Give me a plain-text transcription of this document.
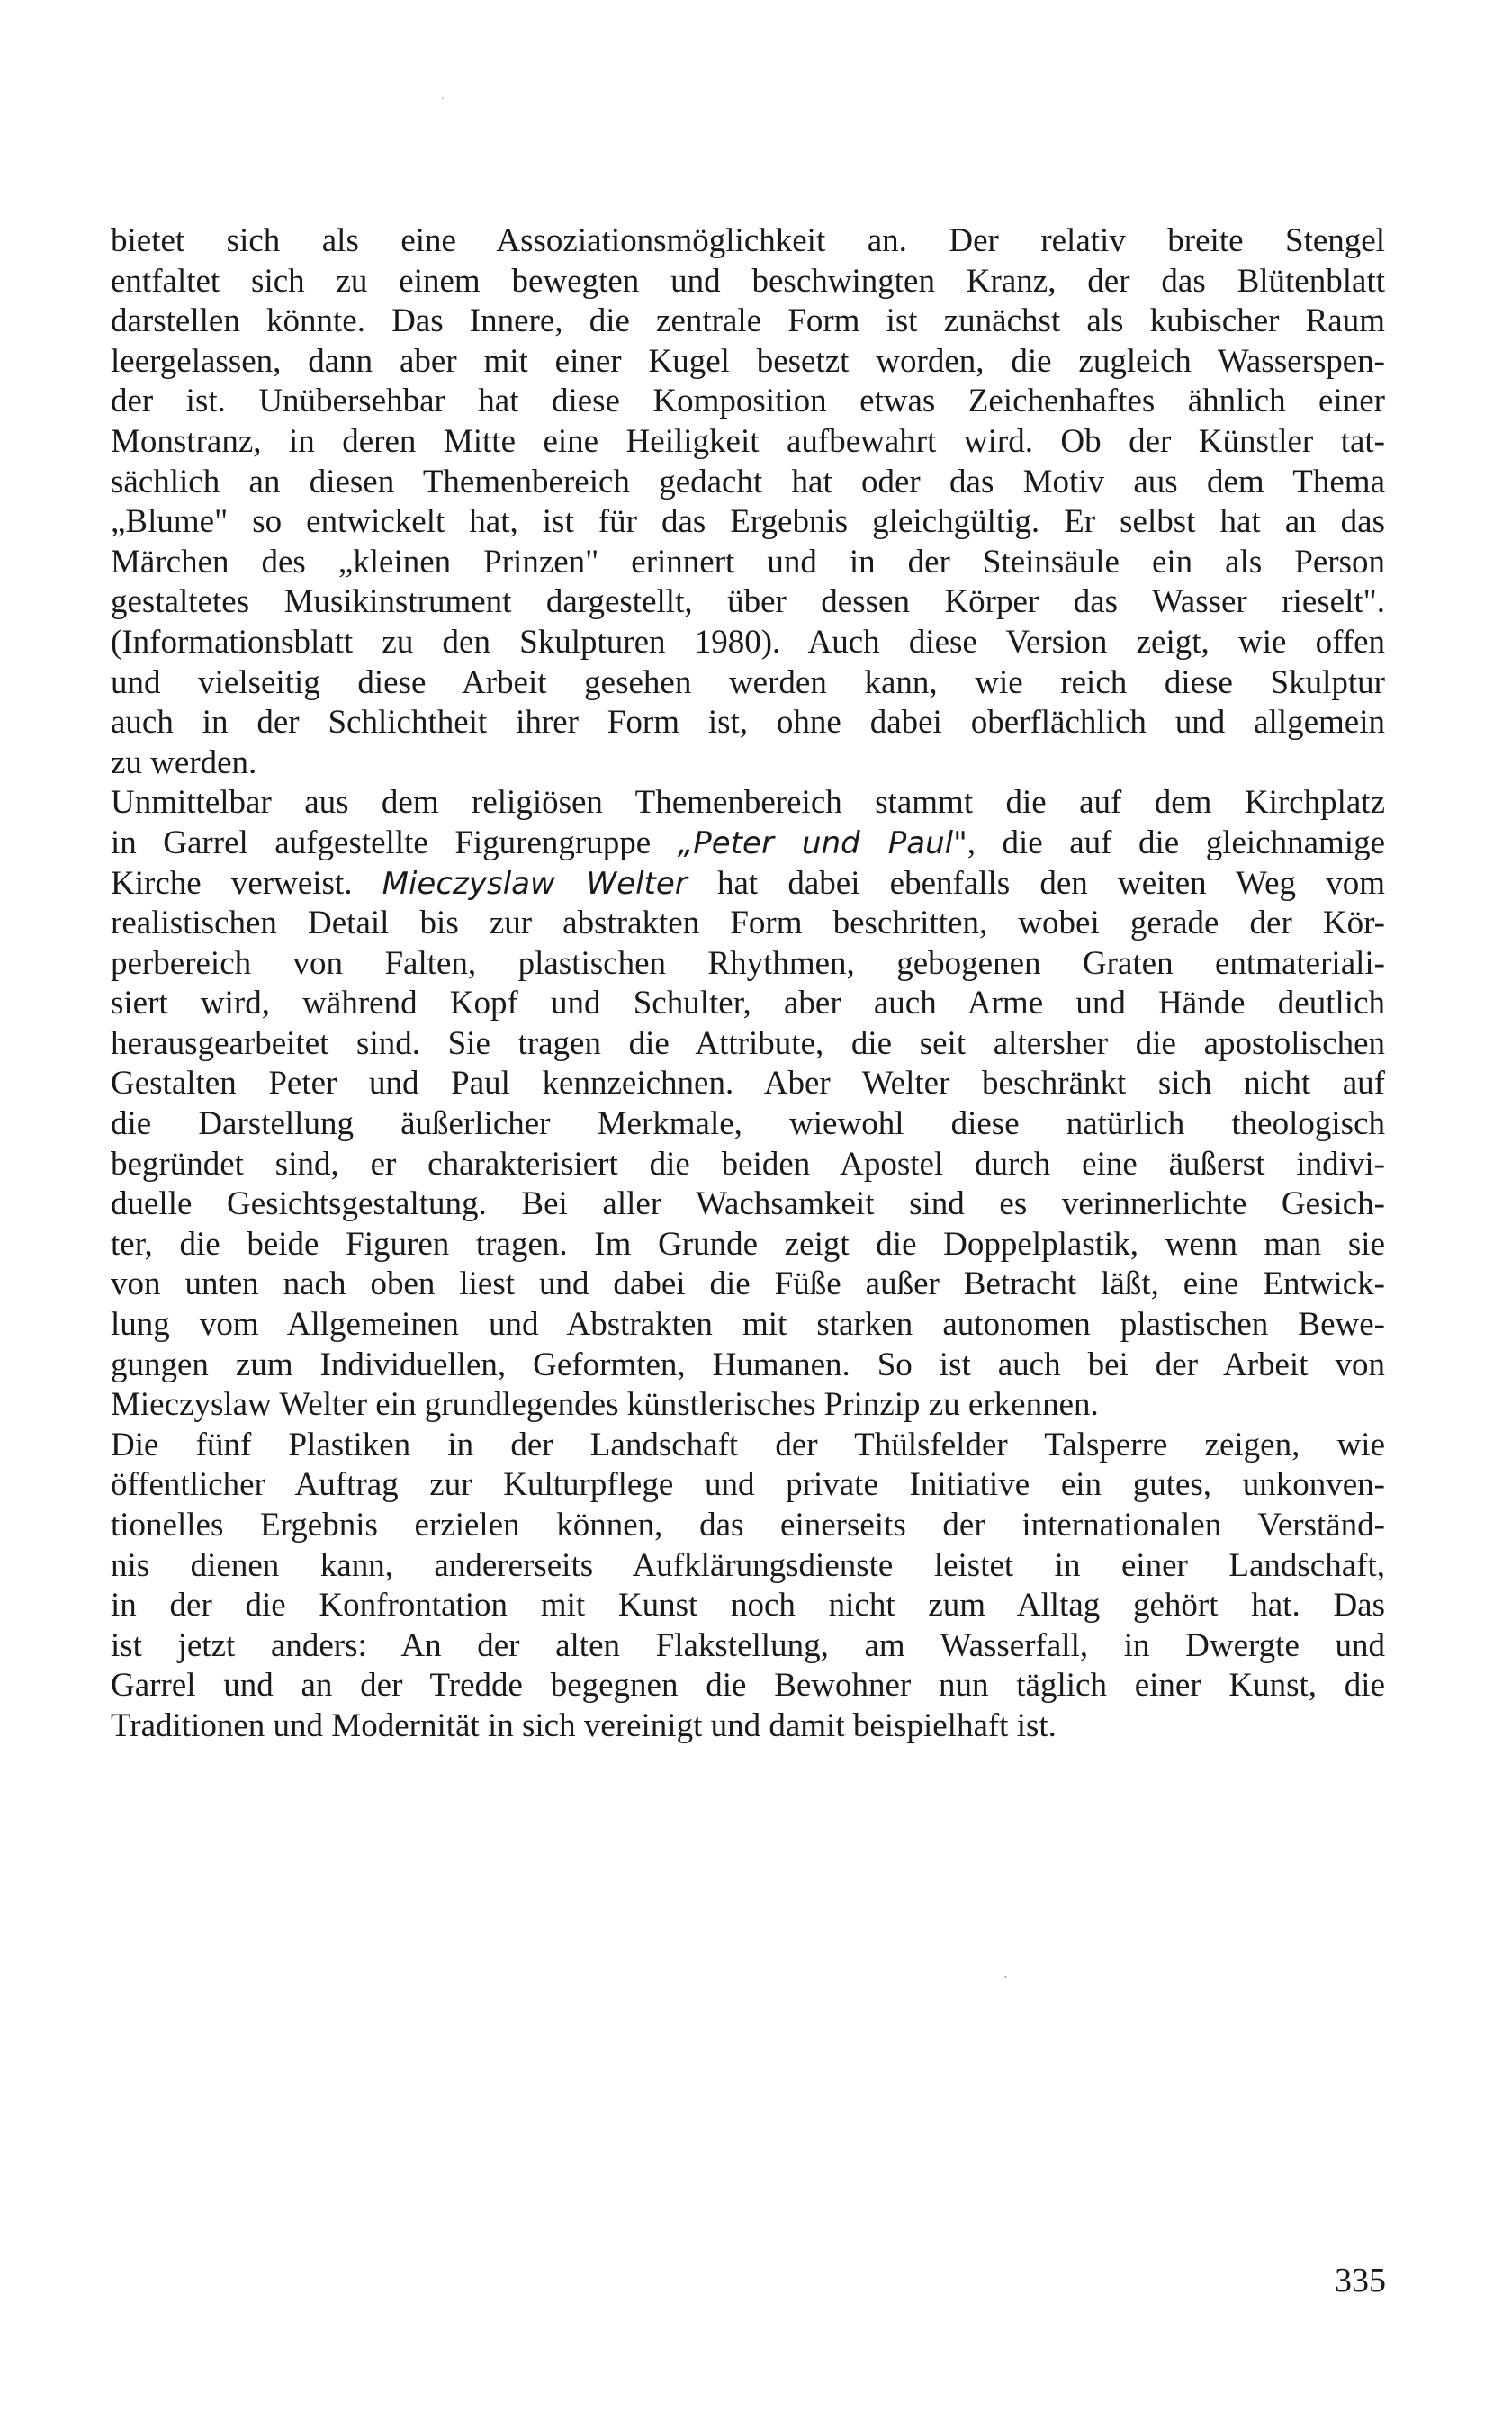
bietet sich als eine Assoziationsmöglichkeit an. Der relativ breite Stengel
entfaltet sich zu einem bewegten und beschwingten Kranz, der das Blütenblatt
darstellen könnte. Das Innere, die zentrale Form ist zunächst als kubischer Raum
leergelassen, dann aber mit einer Kugel besetzt worden, die zugleich Wasserspen-
der ist. Unübersehbar hat diese Komposition etwas Zeichenhaftes ähnlich einer
Monstranz, in deren Mitte eine Heiligkeit aufbewahrt wird. Ob der Künstler tat-
sächlich an diesen Themenbereich gedacht hat oder das Motiv aus dem Thema
„Blume" so entwickelt hat, ist für das Ergebnis gleichgültig. Er selbst hat an das
Märchen des „kleinen Prinzen" erinnert und in der Steinsäule ein als Person
gestaltetes Musikinstrument dargestellt, über dessen Körper das Wasser rieselt".
(Informationsblatt zu den Skulpturen 1980). Auch diese Version zeigt, wie offen
und vielseitig diese Arbeit gesehen werden kann, wie reich diese Skulptur
auch in der Schlichtheit ihrer Form ist, ohne dabei oberflächlich und allgemein
zu werden.
Unmittelbar aus dem religiösen Themenbereich stammt die auf dem Kirchplatz
in Garrel aufgestellte Figurengruppe „Peter und Paul", die auf die gleichnamige
Kirche verweist. Mieczyslaw Welter hat dabei ebenfalls den weiten Weg vom
realistischen Detail bis zur abstrakten Form beschritten, wobei gerade der Kör-
perbereich von Falten, plastischen Rhythmen, gebogenen Graten entmateriali-
siert wird, während Kopf und Schulter, aber auch Arme und Hände deutlich
herausgearbeitet sind. Sie tragen die Attribute, die seit altersher die apostolischen
Gestalten Peter und Paul kennzeichnen. Aber Welter beschränkt sich nicht auf
die Darstellung äußerlicher Merkmale, wiewohl diese natürlich theologisch
begründet sind, er charakterisiert die beiden Apostel durch eine äußerst indivi-
duelle Gesichtsgestaltung. Bei aller Wachsamkeit sind es verinnerlichte Gesich-
ter, die beide Figuren tragen. Im Grunde zeigt die Doppelplastik, wenn man sie
von unten nach oben liest und dabei die Füße außer Betracht läßt, eine Entwick-
lung vom Allgemeinen und Abstrakten mit starken autonomen plastischen Bewe-
gungen zum Individuellen, Geformten, Humanen. So ist auch bei der Arbeit von
Mieczyslaw Welter ein grundlegendes künstlerisches Prinzip zu erkennen.
Die fünf Plastiken in der Landschaft der Thülsfelder Talsperre zeigen, wie
öffentlicher Auftrag zur Kulturpflege und private Initiative ein gutes, unkonven-
tionelles Ergebnis erzielen können, das einerseits der internationalen Verständ-
nis dienen kann, andererseits Aufklärungsdienste leistet in einer Landschaft,
in der die Konfrontation mit Kunst noch nicht zum Alltag gehört hat. Das
ist jetzt anders: An der alten Flakstellung, am Wasserfall, in Dwergte und
Garrel und an der Tredde begegnen die Bewohner nun täglich einer Kunst, die
Traditionen und Modernität in sich vereinigt und damit beispielhaft ist.
335
